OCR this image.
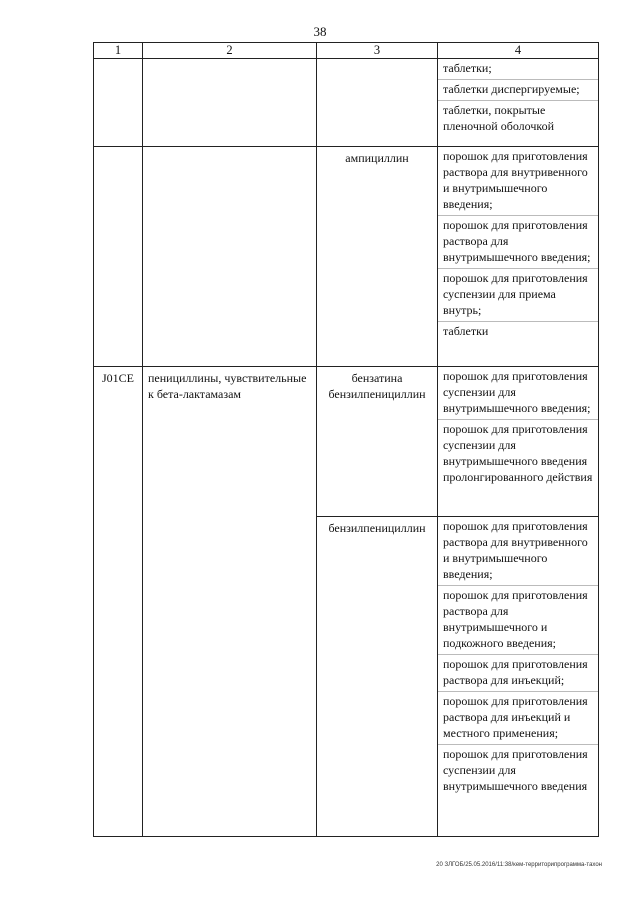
38
1	2	3	4

			таблетки;
таблетки диспергируемые;
таблетки, покрытые пленочной оболочкой

		ампициллин	порошок для приготовления раствора для внутривенного и внутримышечного введения;
порошок для приготовления раствора для внутримышечного введения;
порошок для приготовления суспензии для приема внутрь;
таблетки

J01CE	пенициллины, чувствительные к бета-лактамазам	бензатина бензилпенициллин	порошок для приготовления суспензии для внутримышечного введения;
порошок для приготовления суспензии для внутримышечного введения пролонгированного действия

		бензилпенициллин	порошок для приготовления раствора для внутривенного и внутримышечного введения;
порошок для приготовления раствора для внутримышечного и подкожного введения;
порошок для приготовления раствора для инъекций;
порошок для приготовления раствора для инъекций и местного применения;
порошок для приготовления суспензии для внутримышечного введения
20 ЗЛГОБ/25.05.2016/11:38/кем-территорипрограмма-тахон
